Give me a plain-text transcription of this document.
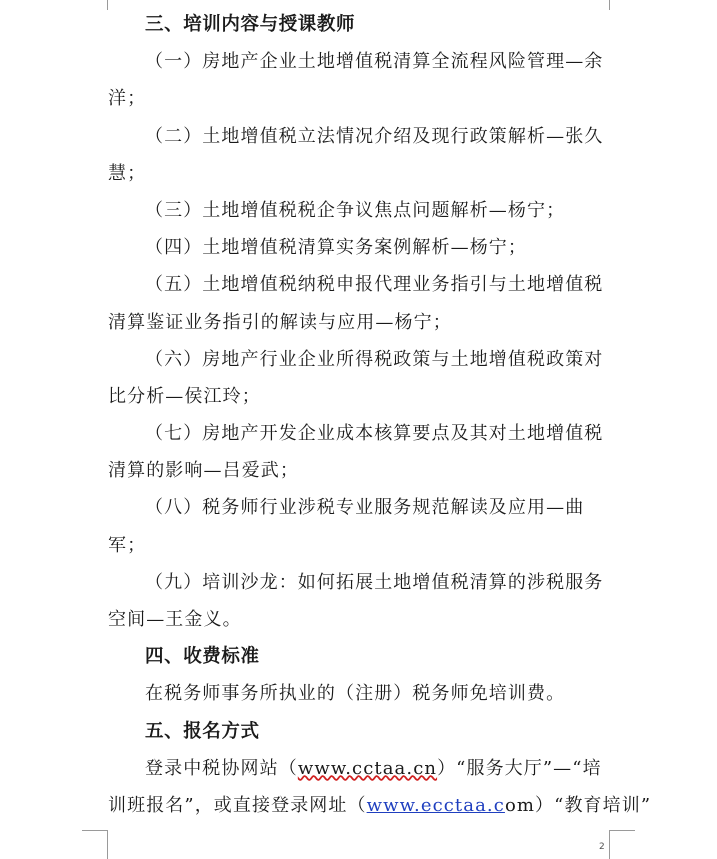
三、培训内容与授课教师
（一）房地产企业土地增值税清算全流程风险管理—余
洋；
（二）土地增值税立法情况介绍及现行政策解析—张久
慧；
（三）土地增值税税企争议焦点问题解析—杨宁；
（四）土地增值税清算实务案例解析—杨宁；
（五）土地增值税纳税申报代理业务指引与土地增值税
清算鉴证业务指引的解读与应用—杨宁；
（六）房地产行业企业所得税政策与土地增值税政策对
比分析—侯江玲；
（七）房地产开发企业成本核算要点及其对土地增值税
清算的影响—吕爱武；
（八）税务师行业涉税专业服务规范解读及应用—曲
军；
（九）培训沙龙：如何拓展土地增值税清算的涉税服务
空间—王金义。
四、收费标准
在税务师事务所执业的（注册）税务师免培训费。
五、报名方式
登录中税协网站（www.cctaa.cn）“服务大厅”—“培
训班报名”，或直接登录网址（www.ecctaa.com）“教育培训”
2
